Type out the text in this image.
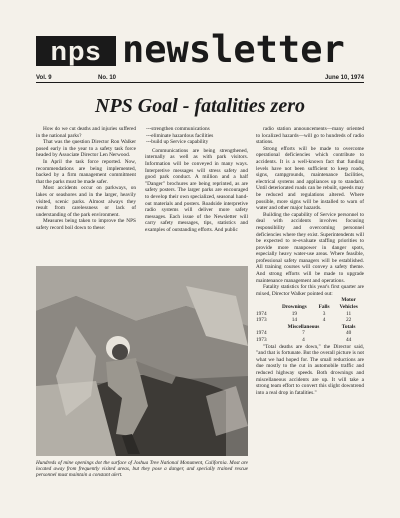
nps newsletter
Vol. 9	No. 10	June 10, 1974
NPS Goal - fatalities zero

How do we cut deaths and injuries suffered in the national parks?

That was the question Director Ron Walker posed early in the year to a safety task force headed by Associate Director Len Nerwood.

In April the task force reported. Now, recommendations are being implemented, backed by a firm management commitment that the parks must be made safer.

Most accidents occur on parkways, on lakes or seashores and in the larger, heavily visited, scenic parks. Almost always they result from carelessness or lack of understanding of the park environment.

Measures being taken to improve the NPS safety record boil down to these:

---strengthen communications

---eliminate hazardous facilities

---build up Service capability

Communications are being strengthened, internally as well as with park visitors. Information will be conveyed in many ways. Interpretive messages will stress safety and good park conduct. A million and a half "Danger" brochures are being reprinted, as are safety posters. The larger parks are encouraged to develop their own specialized, seasonal hand-out materials and posters. Roadside interpretive radio systems will deliver more safety messages. Each issue of the Newsletter will carry safety messages, tips, statistics and examples of outstanding efforts. And public

radio station announcements—many oriented to localized hazards—will go to hundreds of radio stations.

Strong efforts will be made to overcome operational deficiencies which contribute to accidents. It is a well-known fact that funding levels have not been sufficient to keep roads, signs, campgrounds, maintenance facilities, electrical systems and appliances up to standard. Until deteriorated roads can be rebuilt, speeds may be reduced and regulations altered. Where possible, more signs will be installed to warn of water and other major hazards.

Building the capability of Service personnel to deal with accidents involves focusing responsibility and overcoming personnel deficiencies where they exist. Superintendents will be expected to re-evaluate staffing priorities to provide more manpower in danger spots, especially heavy water-use areas. Where feasible, professional safety managers will be established. All training courses will convey a safety theme. And strong efforts will be made to upgrade maintenance management and operations.

Fatality statistics for this year's first quarter are mixed, Director Walker pointed out:

			Motor
	Drownings	Falls	Vehicles
1974	19	3	11
1973	14	4	22
	Miscellaneous		Totals
1974	7		40
1973	4		44

"Total deaths are down," the Director said, "and that is fortunate. But the overall picture is not what we had hoped for. The small reductions are due mostly to the cut in automobile traffic and reduced highway speeds. Both drownings and miscellaneous accidents are up. It will take a strong team effort to convert this slight downtrend into a real drop in fatalities."

Hundreds of mine openings dot the surface of Joshua Tree National Monument, California. Most are located away from frequently visited areas, but they pose a danger, and specially trained rescue personnel must maintain a constant alert.
